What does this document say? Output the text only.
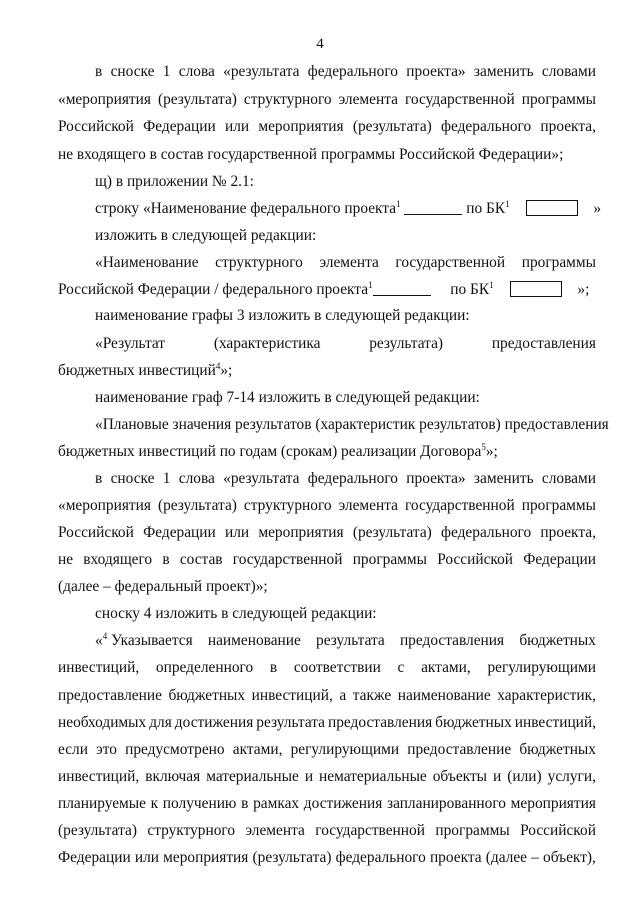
4
в сноске 1 слова «результата федерального проекта» заменить словами
«мероприятия (результата) структурного элемента государственной программы
Российской Федерации или мероприятия (результата) федерального проекта,
не входящего в состав государственной программы Российской Федерации»;
щ) в приложении № 2.1:
строку «Наименование федерального проекта$^1$	по $БК^1$	»
изложить в следующей редакции:
«Наименование структурного элемента государственной программы
Российской Федерации / федерального проекта$^1$	по $БК^1$	»;
наименование графы 3 изложить в следующей редакции:
«Результат	(характеристика	результата)	предоставления
бюджетных инвестиций$^4$»;
наименование граф 7-14 изложить в следующей редакции:
«Плановые значения результатов (характеристик результатов) предоставления
бюджетных инвестиций по годам (срокам) реализации Договора$^5$»;
в сноске 1 слова «результата федерального проекта» заменить словами
«мероприятия (результата) структурного элемента государственной программы
Российской Федерации или мероприятия (результата) федерального проекта,
не входящего в состав государственной программы Российской Федерации
(далее – федеральный проект)»;
сноску 4 изложить в следующей редакции:
«$^4$ Указывается наименование результата предоставления бюджетных
инвестиций, определенного в соответствии с актами, регулирующими
предоставление бюджетных инвестиций, а также наименование характеристик,
необходимых для достижения результата предоставления бюджетных инвестиций,
если это предусмотрено актами, регулирующими предоставление бюджетных
инвестиций, включая материальные и нематериальные объекты и (или) услуги,
планируемые к получению в рамках достижения запланированного мероприятия
(результата) структурного элемента государственной программы Российской
Федерации или мероприятия (результата) федерального проекта (далее – объект),
